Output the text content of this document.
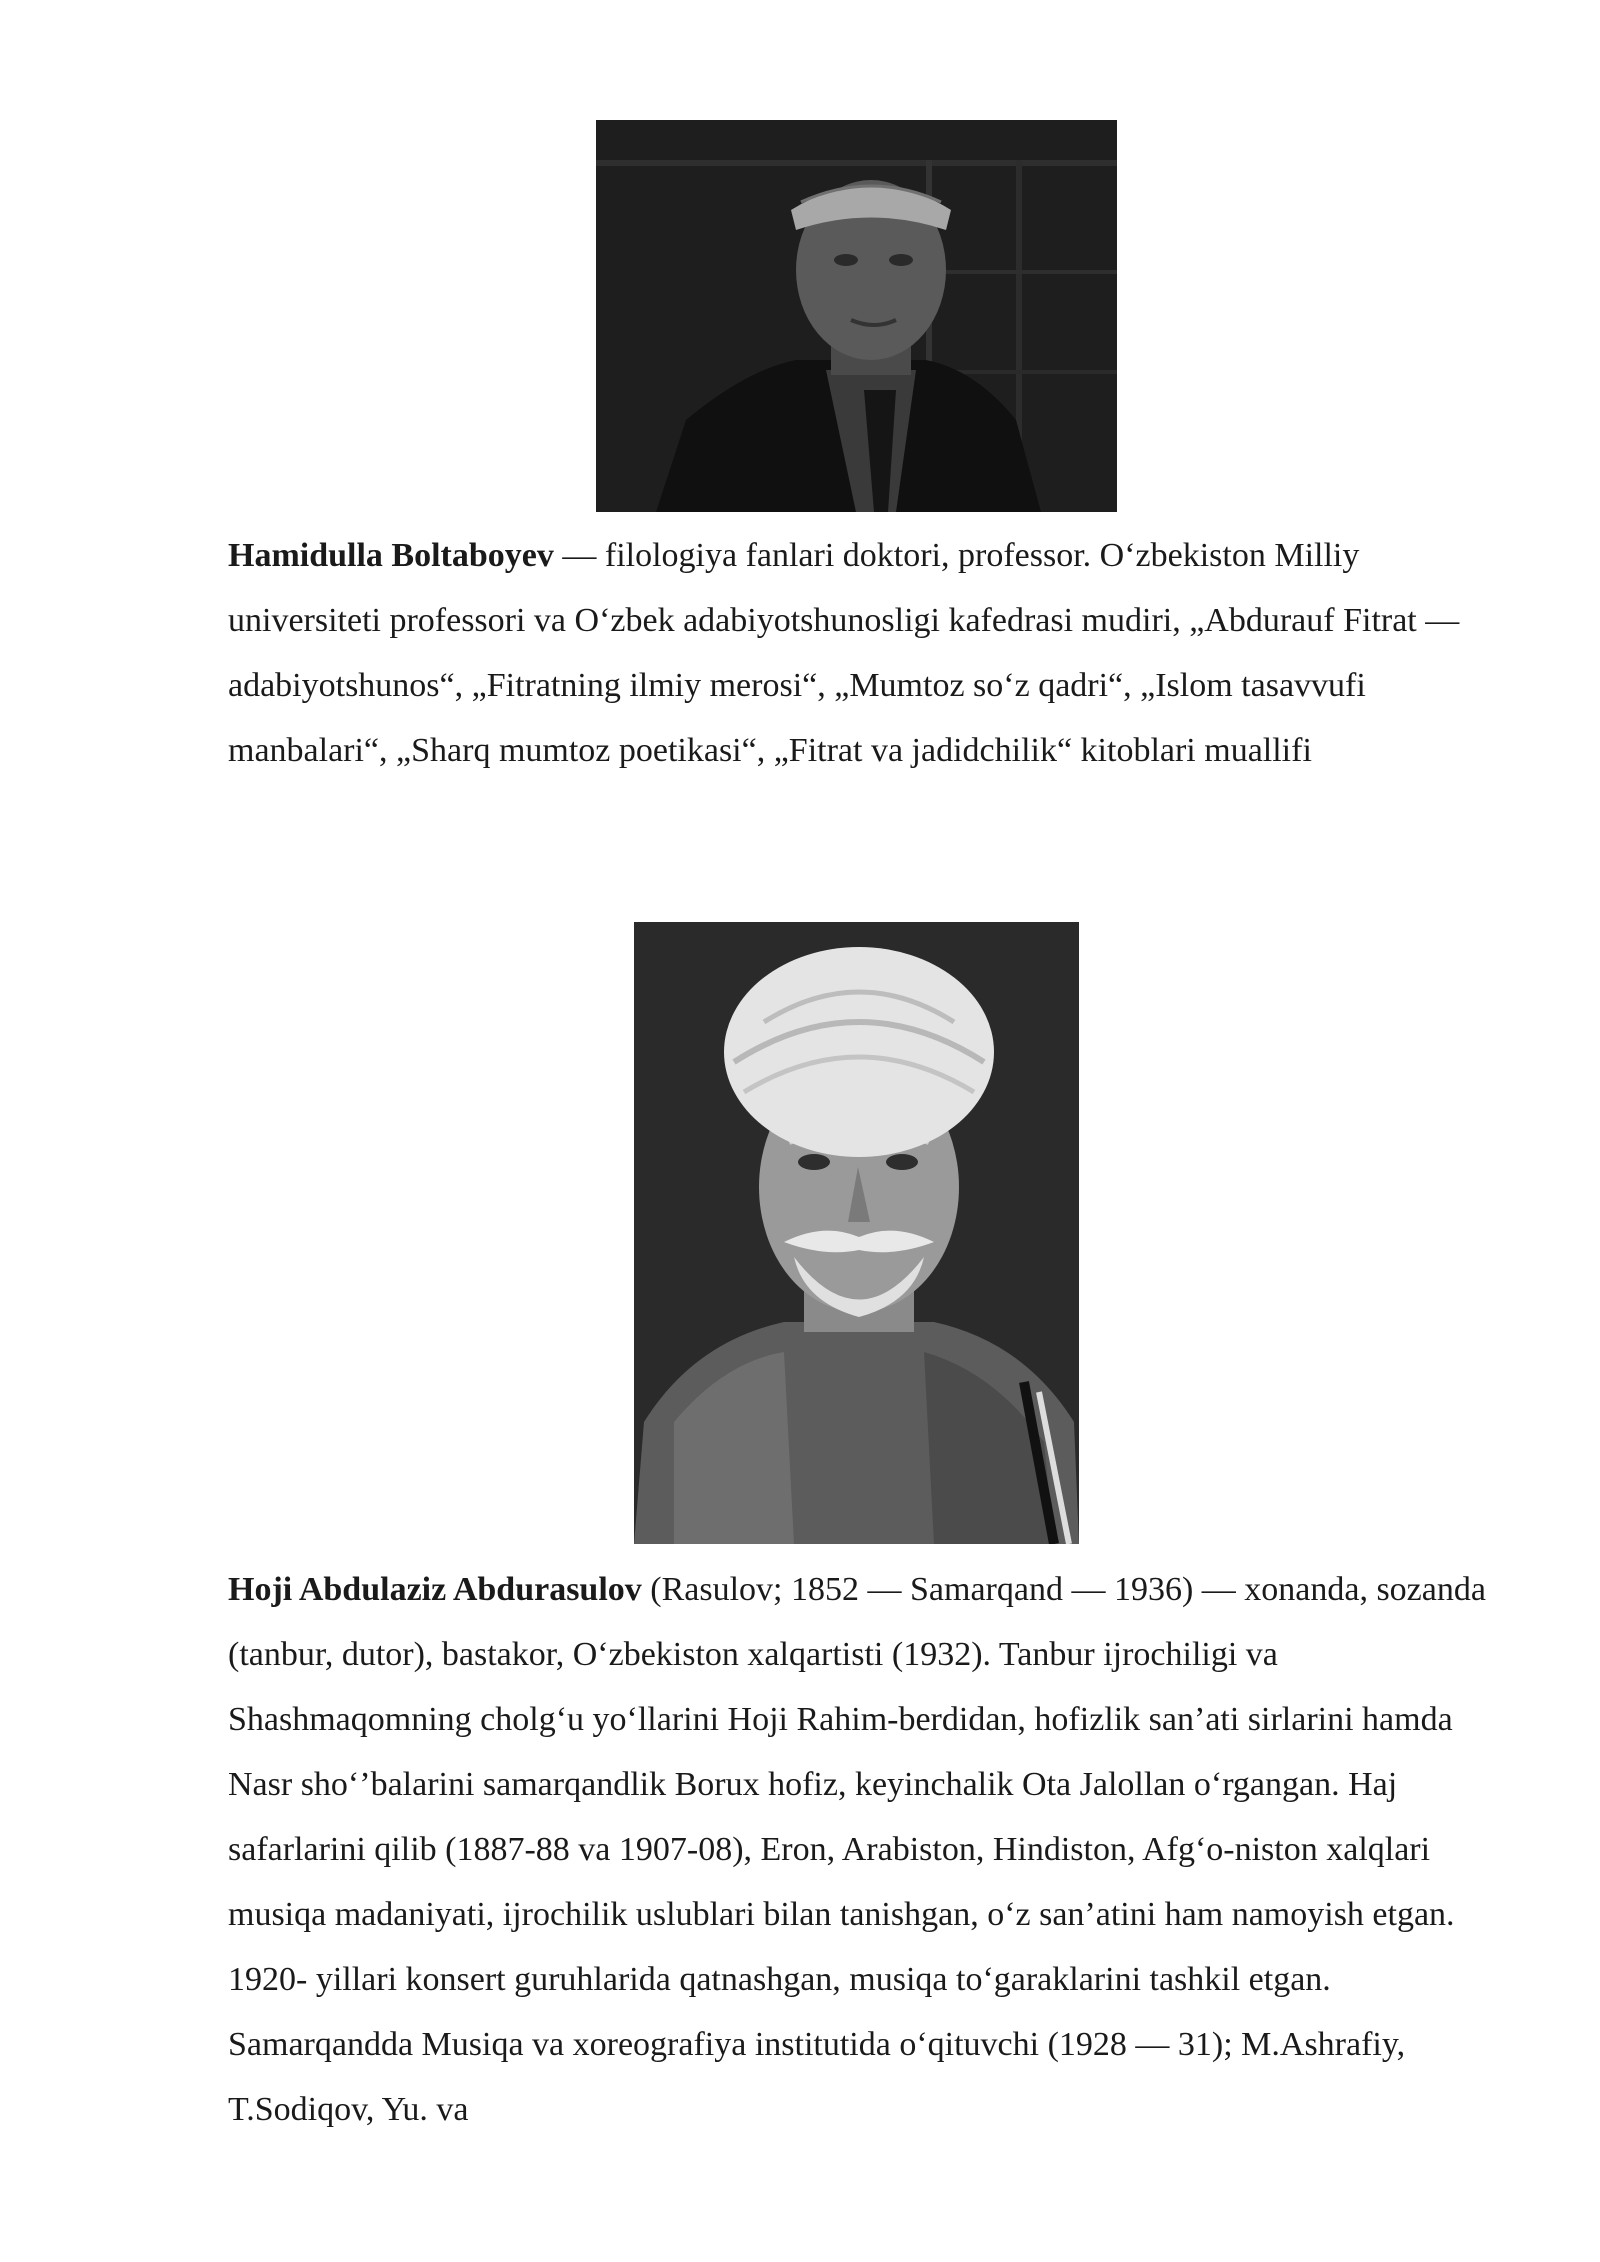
Hamidulla Boltaboyev — filologiya fanlari doktori, professor. O‘zbekiston Milliy universiteti professori va O‘zbek adabiyotshunosligi kafedrasi mudiri, „Abdurauf Fitrat — adabiyotshunos“, „Fitratning ilmiy merosi“, „Mumtoz so‘z qadri“, „Islom tasavvufi manbalari“, „Sharq mumtoz poetikasi“, „Fitrat va jadidchilik“ kitoblari muallifi

Hoji Abdulaziz Abdurasulov (Rasulov; 1852 — Samarqand — 1936) — xonanda, sozanda (tanbur, dutor), bastakor, O‘zbekiston xalqartisti (1932). Tanbur ijrochiligi va Shashmaqomning cholg‘u yo‘llarini Hoji Rahim-berdidan, hofizlik san’ati sirlarini hamda Nasr sho‘’balarini samarqandlik Borux hofiz, keyinchalik Ota Jalollan o‘rgangan. Haj safarlarini qilib (1887-88 va 1907-08), Eron, Arabiston, Hindiston, Afg‘o-niston xalqlari musiqa madaniyati, ijrochilik uslublari bilan tanishgan, o‘z san’atini ham namoyish etgan. 1920- yillari konsert guruhlarida qatnashgan, musiqa to‘garaklarini tashkil etgan. Samarqandda Musiqa va xoreografiya institutida o‘qituvchi (1928 — 31); M.Ashrafiy, T.Sodiqov, Yu. va
